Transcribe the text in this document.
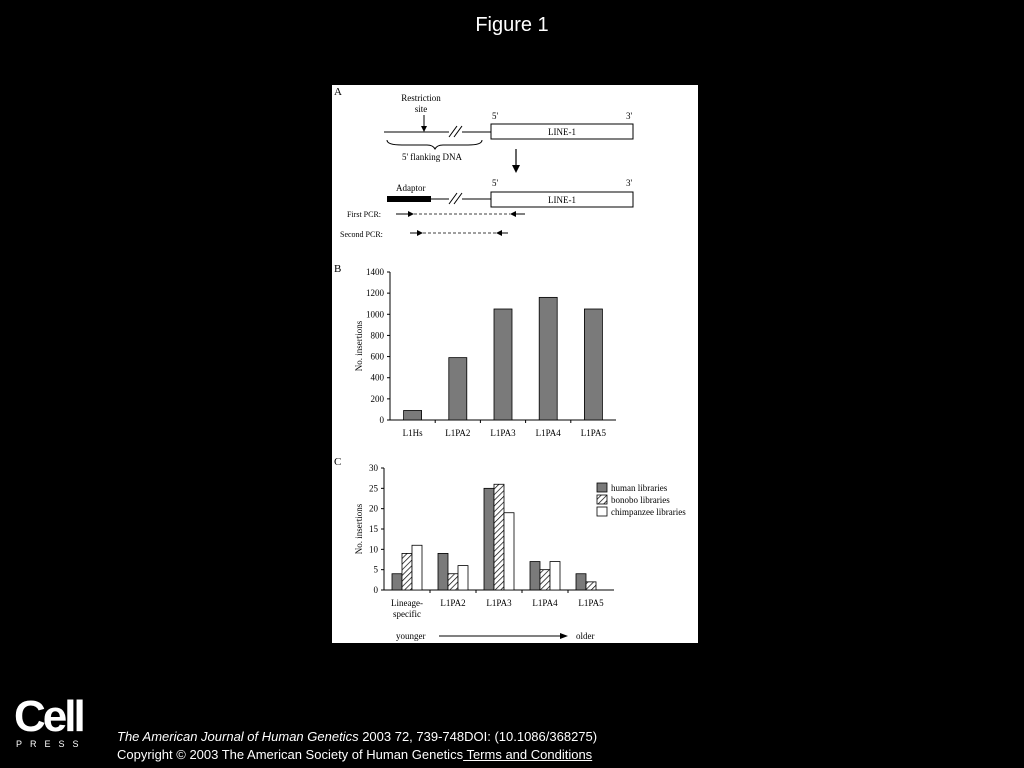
Figure 1
A	Restriction
site
5'	3'
LINE-1
5' flanking DNA
Adaptor	5'	3'
LINE-1
First PCR:
Second PCR:
B
0
200
400
600
800
1000
1200
1400
L1Hs	L1PA2 L1PA3 L1PA4 L1PA5
No. insertions
C
0
5
10
15
20
25
30
Lineage-
specific
L1PA2 L1PA3 L1PA4 L1PA5
No. insertions
human libraries
bonobo libraries
chimpanzee libraries
younger	older
Cell
PRESS The American Journal of Human Genetics 2003 72, 739-748DOI: (10.1086/368275)
Copyright © 2003 The American Society of Human Genetics Terms and Conditions
